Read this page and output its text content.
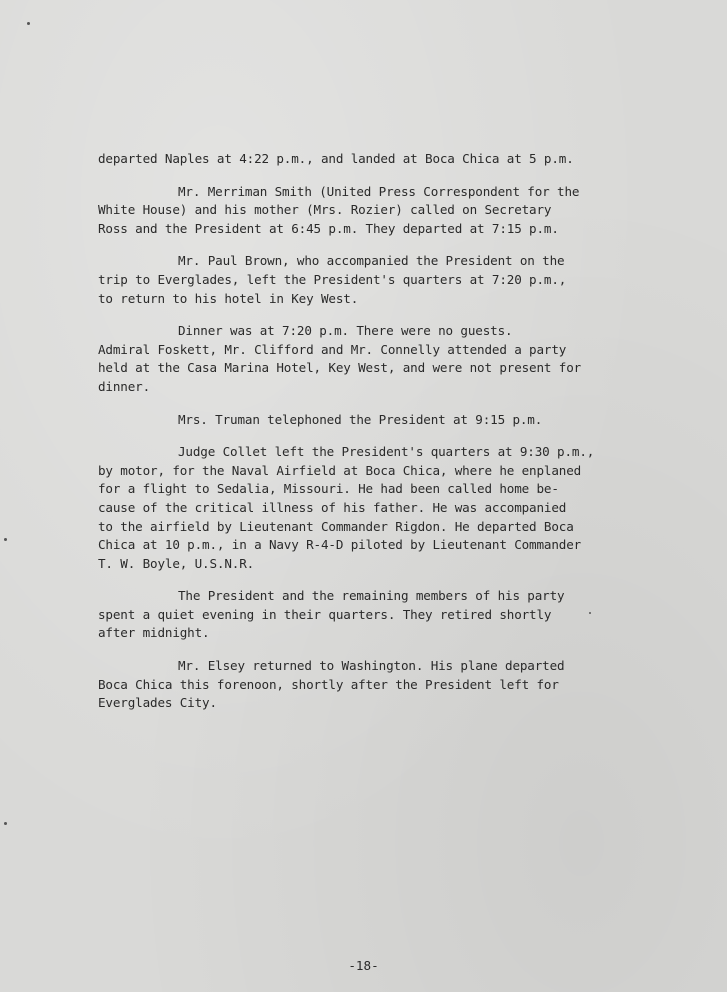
departed Naples at 4:22 p.m., and landed at Boca Chica at 5 p.m.
Mr. Merriman Smith (United Press Correspondent for the
White House) and his mother (Mrs. Rozier) called on Secretary
Ross and the President at 6:45 p.m. They departed at 7:15 p.m.
Mr. Paul Brown, who accompanied the President on the
trip to Everglades, left the President's quarters at 7:20 p.m.,
to return to his hotel in Key West.
Dinner was at 7:20 p.m. There were no guests.
Admiral Foskett, Mr. Clifford and Mr. Connelly attended a party
held at the Casa Marina Hotel, Key West, and were not present for
dinner.
Mrs. Truman telephoned the President at 9:15 p.m.
Judge Collet left the President's quarters at 9:30 p.m.,
by motor, for the Naval Airfield at Boca Chica, where he enplaned
for a flight to Sedalia, Missouri. He had been called home be-
cause of the critical illness of his father. He was accompanied
to the airfield by Lieutenant Commander Rigdon. He departed Boca
Chica at 10 p.m., in a Navy R-4-D piloted by Lieutenant Commander
T. W. Boyle, U.S.N.R.
The President and the remaining members of his party
spent a quiet evening in their quarters. They retired shortly
after midnight.
Mr. Elsey returned to Washington. His plane departed
Boca Chica this forenoon, shortly after the President left for
Everglades City.
-18-
